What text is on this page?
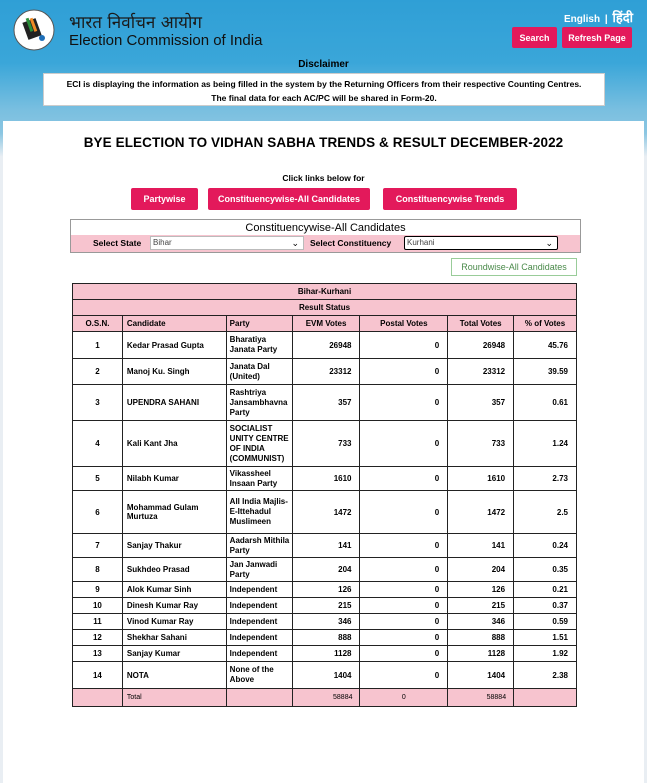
भारत निर्वाचन आयोग
Election Commission of India
English | हिंदी
Search	Refresh Page
Disclaimer
ECI is displaying the information as being filled in the system by the Returning Officers from their respective Counting Centres.
The final data for each AC/PC will be shared in Form-20.
BYE ELECTION TO VIDHAN SABHA TRENDS & RESULT DECEMBER-2022
Click links below for
Partywise	Constituencywise-All Candidates	Constituencywise Trends
Constituencywise-All Candidates
Select State	Bihar	⌄ Select Constituency	Kurhani	⌄
Roundwise-All Candidates
Bihar-Kurhani						
Result Status						
O.S.N.	Candidate	Party	EVM Votes	Postal Votes	Total Votes	% of Votes
1	Kedar Prasad Gupta	Bharatiya Janata Party	26948	0	26948	45.76
2	Manoj Ku. Singh	Janata Dal (United)	23312	0	23312	39.59
3	UPENDRA SAHANI	Rashtriya Jansambhavna Party	357	0	357	0.61
4	Kali Kant Jha	SOCIALIST UNITY CENTRE OF INDIA (COMMUNIST)	733	0	733	1.24
5	Nilabh Kumar	Vikassheel Insaan Party	1610	0	1610	2.73
6	Mohammad Gulam Murtuza	All India Majlis-E-Ittehadul Muslimeen	1472	0	1472	2.5
7	Sanjay Thakur	Aadarsh Mithila Party	141	0	141	0.24
8	Sukhdeo Prasad	Jan Janwadi Party	204	0	204	0.35
9	Alok Kumar Sinh	Independent	126	0	126	0.21
10	Dinesh Kumar Ray	Independent	215	0	215	0.37
11	Vinod Kumar Ray	Independent	346	0	346	0.59
12	Shekhar Sahani	Independent	888	0	888	1.51
13	Sanjay Kumar	Independent	1128	0	1128	1.92
14	NOTA	None of the Above	1404	0	1404	2.38
	Total		58884	0	58884	
